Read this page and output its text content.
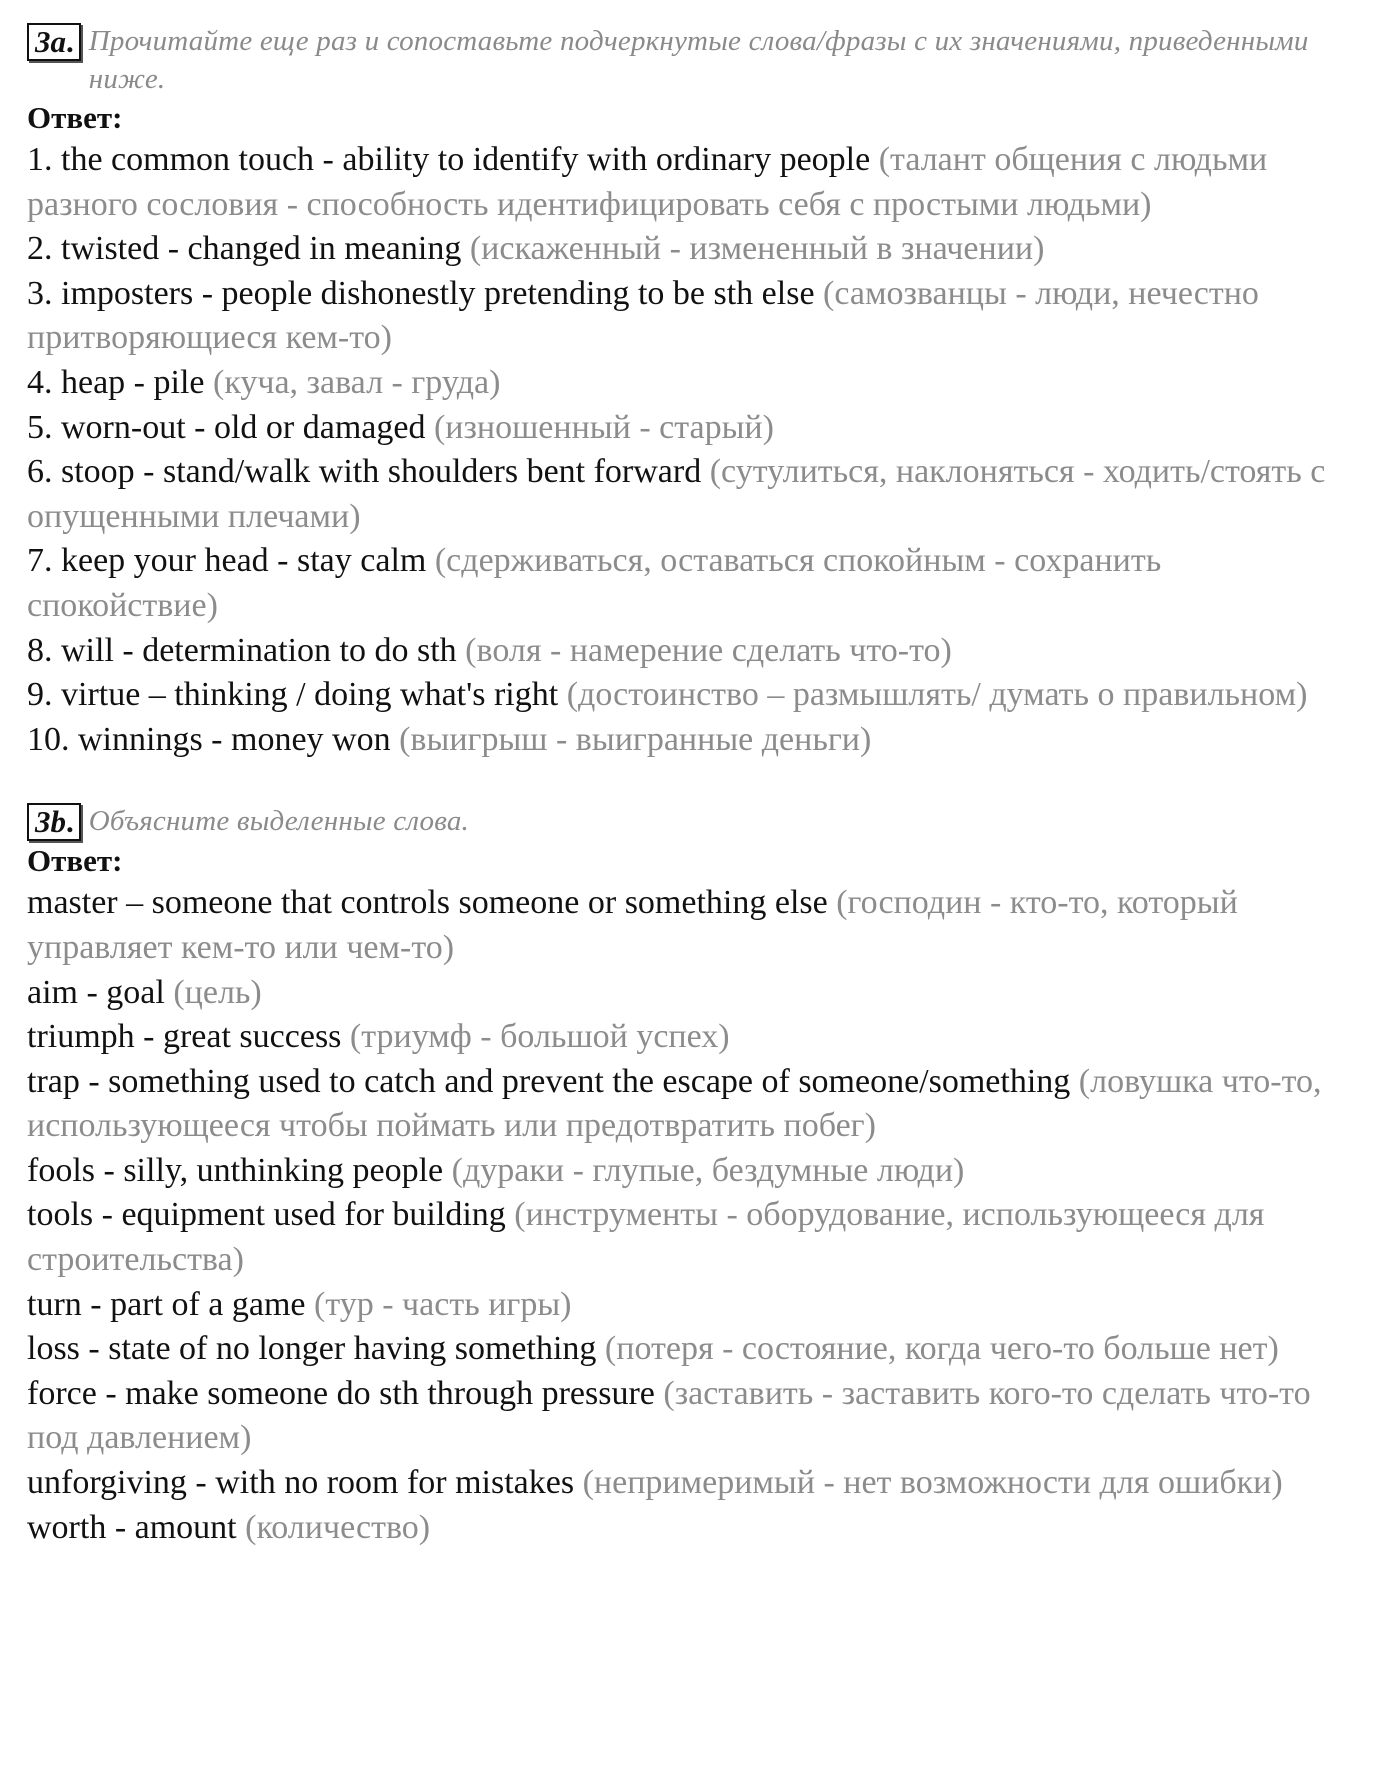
3a. Прочитайте еще раз и сопоставьте подчеркнутые слова/фразы с их значениями, приведенными ниже.
Ответ:
1. the common touch - ability to identify with ordinary people (талант общения с людьми разного сословия - способность идентифицировать себя с простыми людьми)
2. twisted - changed in meaning (искаженный - измененный в значении)
3. imposters - people dishonestly pretending to be sth else (самозванцы - люди, нечестно притворяющиеся кем-то)
4. heap - pile (куча, завал - груда)
5. worn-out - old or damaged (изношенный - старый)
6. stoop - stand/walk with shoulders bent forward (сутулиться, наклоняться - ходить/стоять с опущенными плечами)
7. keep your head - stay calm (сдерживаться, оставаться спокойным - сохранить спокойствие)
8. will - determination to do sth (воля - намерение сделать что-то)
9. virtue – thinking / doing what's right (достоинство – размышлять/ думать о правильном)
10. winnings - money won (выигрыш - выигранные деньги)
3b. Объясните выделенные слова.
Ответ:
master – someone that controls someone or something else (господин - кто-то, который управляет кем-то или чем-то)
aim - goal (цель)
triumph - great success (триумф - большой успех)
trap - something used to catch and prevent the escape of someone/something (ловушка что-то, использующееся чтобы поймать или предотвратить побег)
fools - silly, unthinking people (дураки - глупые, бездумные люди)
tools - equipment used for building (инструменты - оборудование, использующееся для строительства)
turn - part of a game (тур - часть игры)
loss - state of no longer having something (потеря - состояние, когда чего-то больше нет)
force - make someone do sth through pressure (заставить - заставить кого-то сделать что-то под давлением)
unforgiving - with no room for mistakes (непримеримый - нет возможности для ошибки)
worth - amount (количество)
